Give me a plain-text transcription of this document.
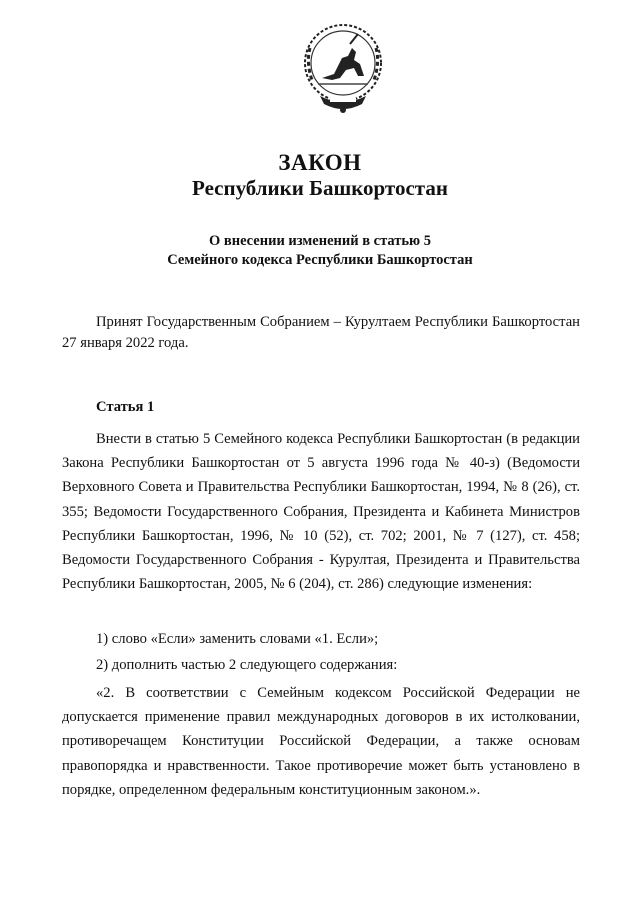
ЗАКОН
Республики Башкортостан

О внесении изменений в статью 5
Семейного кодекса Республики Башкортостан

Принят Государственным Собранием – Курултаем Республики Башкортостан 27 января 2022 года.

Статья 1

Внести в статью 5 Семейного кодекса Республики Башкортостан (в редакции Закона Республики Башкортостан от 5 августа 1996 года № 40-з) (Ведомости Верховного Совета и Правительства Республики Башкортостан, 1994, № 8 (26), ст. 355; Ведомости Государственного Собрания, Президента и Кабинета Министров Республики Башкортостан, 1996, № 10 (52), ст. 702; 2001, № 7 (127), ст. 458; Ведомости Государственного Собрания - Курултая, Президента и Правительства Республики Башкортостан, 2005, № 6 (204), ст. 286) следующие изменения:

1) слово «Если» заменить словами «1. Если»;

2) дополнить частью 2 следующего содержания:

«2. В соответствии с Семейным кодексом Российской Федерации не допускается применение правил международных договоров в их истолковании, противоречащем Конституции Российской Федерации, а также основам правопорядка и нравственности. Такое противоречие может быть установлено в порядке, определенном федеральным конституционным законом.».
